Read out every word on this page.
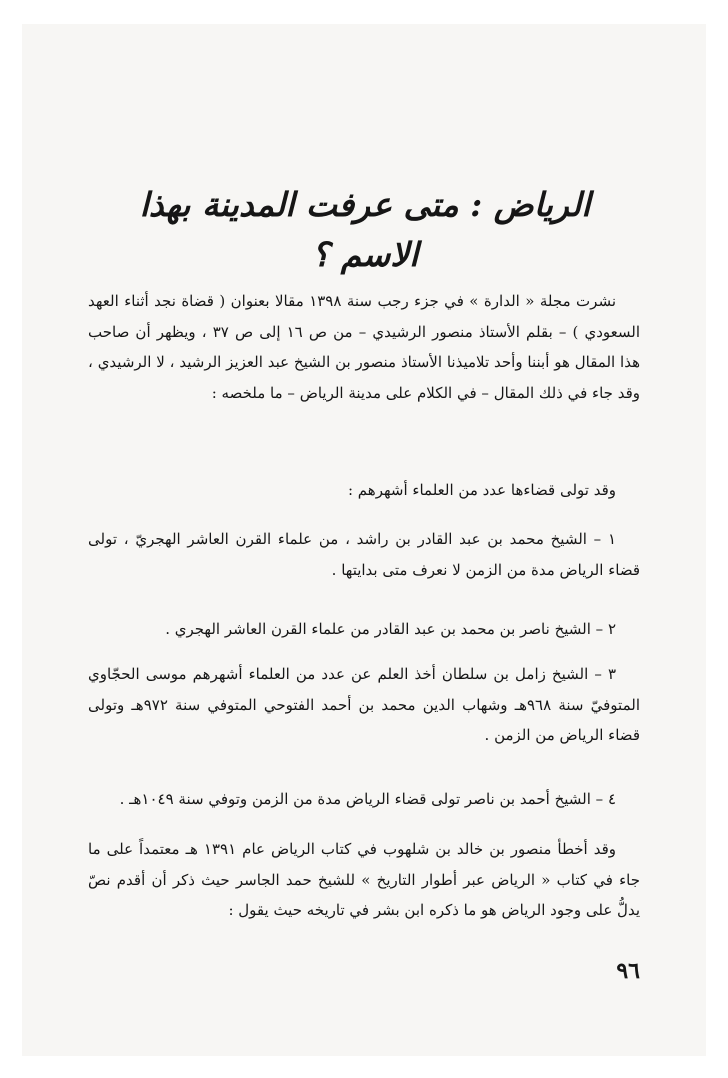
الرياض : متى عرفت المدينة بهذا الاسم ؟

نشرت مجلة « الدارة » في جزء رجب سنة ١٣٩٨ مقالا بعنوان ( قضاة نجد أثناء العهد السعودي ) – بقلم الأستاذ منصور الرشيدي – من ص ١٦ إلى ص ٣٧ ، ويظهر أن صاحب هذا المقال هو أبننا وأحد تلاميذنا الأستاذ منصور بن الشيخ عبد العزيز الرشيد ، لا الرشيدي ، وقد جاء في ذلك المقال – في الكلام على مدينة الرياض – ما ملخصه :

وقد تولى قضاءها عدد من العلماء أشهرهم :

١ – الشيخ محمد بن عبد القادر بن راشد ، من علماء القرن العاشر الهجريّ ، تولى قضاء الرياض مدة من الزمن لا نعرف متى بدايتها .

٢ – الشيخ ناصر بن محمد بن عبد القادر من علماء القرن العاشر الهجري .

٣ – الشيخ زامل بن سلطان أخذ العلم عن عدد من العلماء أشهرهم موسى الحجّاوي المتوفيّ سنة ٩٦٨هـ وشهاب الدين محمد بن أحمد الفتوحي المتوفي سنة ٩٧٢هـ وتولى قضاء الرياض من الزمن .

٤ – الشيخ أحمد بن ناصر تولى قضاء الرياض مدة من الزمن وتوفي سنة ١٠٤٩هـ .

وقد أخطأ منصور بن خالد بن شلهوب في كتاب الرياض عام ١٣٩١ هـ معتمداً على ما جاء في كتاب « الرياض عبر أطوار التاريخ » للشيخ حمد الجاسر حيث ذكر أن أقدم نصّ يدلُّ على وجود الرياض هو ما ذكره ابن بشر في تاريخه حيث يقول :

٩٦
